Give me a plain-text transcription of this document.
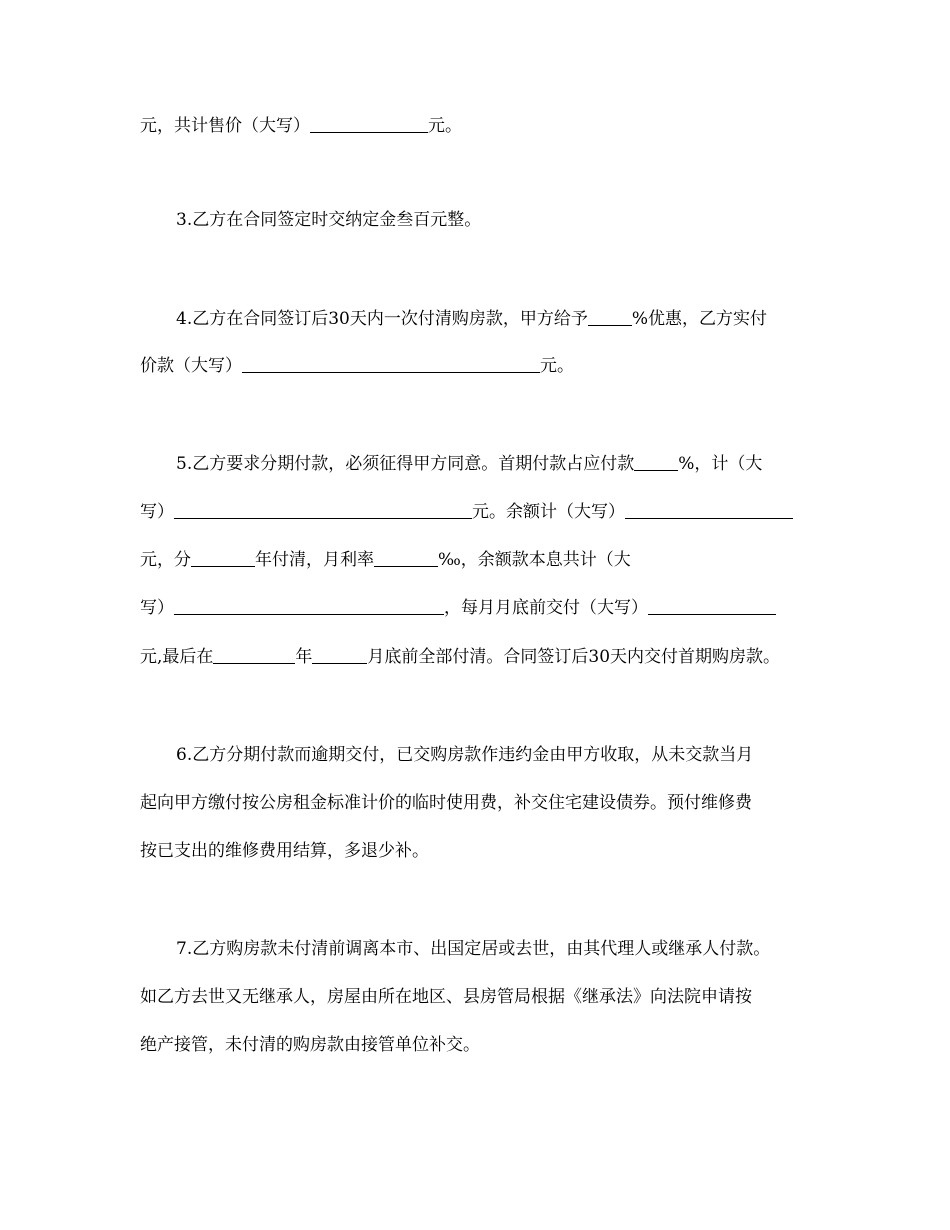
元，共计售价（大写）	元。
3.乙方在合同签定时交纳定金叁百元整。
4.乙方在合同签订后30天内一次付清购房款，甲方给予	%优惠，乙方实付
价款（大写）	元。
5.乙方要求分期付款，必须征得甲方同意。首期付款占应付款	%，计（大
写）	元。余额计（大写）
元，分	年付清，月利率	‰，余额款本息共计（大
写）	，每月月底前交付（大写）
元,最后在	年	月底前全部付清。合同签订后30天内交付首期购房款。
6.乙方分期付款而逾期交付，已交购房款作违约金由甲方收取，从未交款当月
起向甲方缴付按公房租金标准计价的临时使用费，补交住宅建设债券。预付维修费
按已支出的维修费用结算，多退少补。
7.乙方购房款未付清前调离本市、出国定居或去世，由其代理人或继承人付款。
如乙方去世又无继承人，房屋由所在地区、县房管局根据《继承法》向法院申请按
绝产接管，未付清的购房款由接管单位补交。
